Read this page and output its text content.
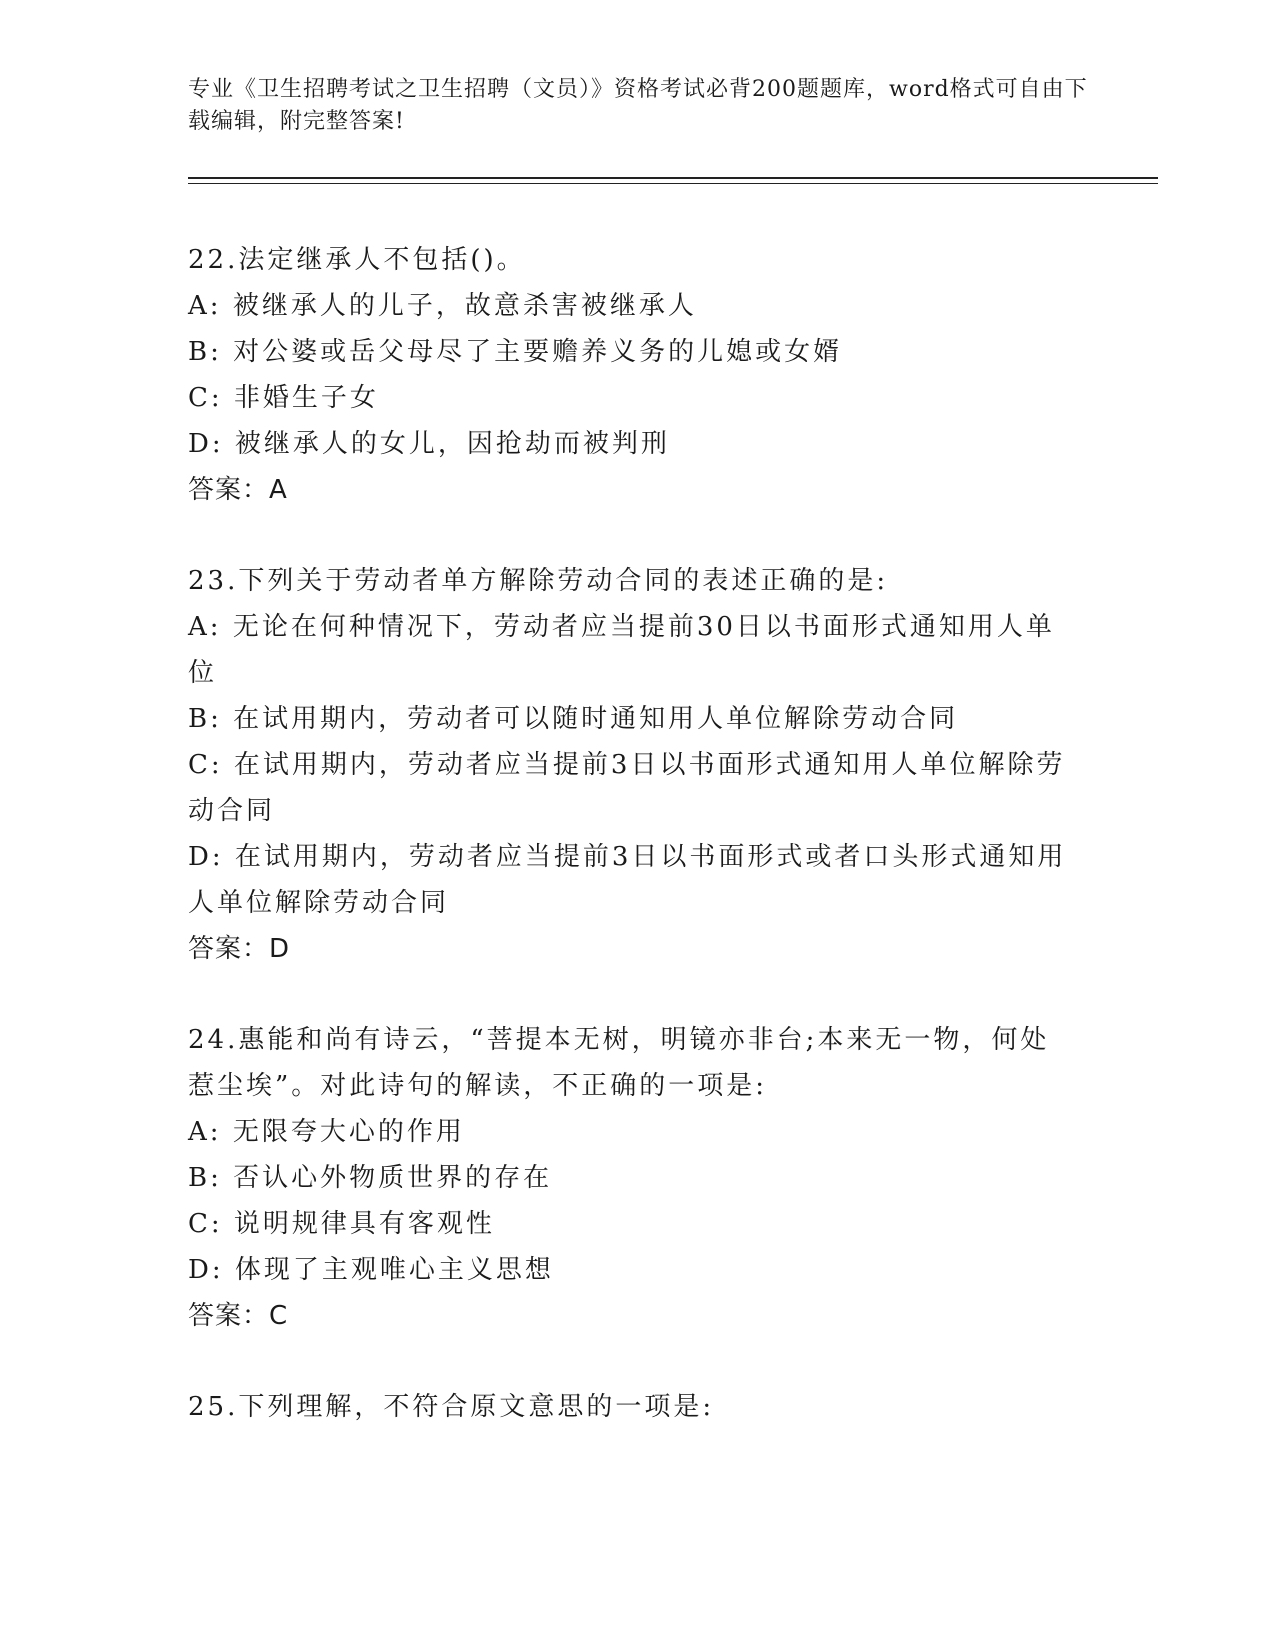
专业《卫生招聘考试之卫生招聘（文员）》资格考试必背200题题库，word格式可自由下载编辑，附完整答案!
22.法定继承人不包括()。
A: 被继承人的儿子，故意杀害被继承人
B: 对公婆或岳父母尽了主要赡养义务的儿媳或女婿
C: 非婚生子女
D: 被继承人的女儿，因抢劫而被判刑
答案：A
23.下列关于劳动者单方解除劳动合同的表述正确的是:
A: 无论在何种情况下，劳动者应当提前30日以书面形式通知用人单位
B: 在试用期内，劳动者可以随时通知用人单位解除劳动合同
C: 在试用期内，劳动者应当提前3日以书面形式通知用人单位解除劳动合同
D: 在试用期内，劳动者应当提前3日以书面形式或者口头形式通知用人单位解除劳动合同
答案：D
24.惠能和尚有诗云，“菩提本无树，明镜亦非台;本来无一物，何处惹尘埃”。对此诗句的解读，不正确的一项是:
A: 无限夸大心的作用
B: 否认心外物质世界的存在
C: 说明规律具有客观性
D: 体现了主观唯心主义思想
答案：C
25.下列理解，不符合原文意思的一项是:
